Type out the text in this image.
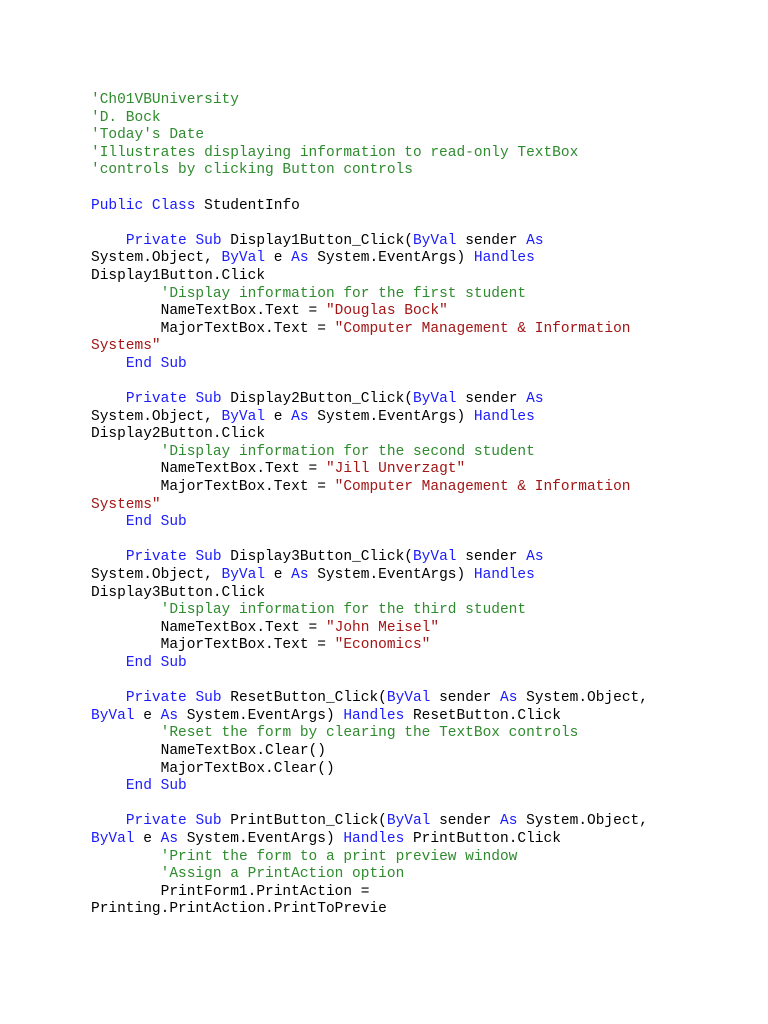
'Ch01VBUniversity
'D. Bock
'Today's Date
'Illustrates displaying information to read-only TextBox
'controls by clicking Button controls
Public Class StudentInfo
Private Sub Display1Button_Click(ByVal sender As
System.Object, ByVal e As System.EventArgs) Handles
Display1Button.Click
'Display information for the first student
NameTextBox.Text = "Douglas Bock"
MajorTextBox.Text = "Computer Management & Information
Systems"
End Sub
Private Sub Display2Button_Click(ByVal sender As
System.Object, ByVal e As System.EventArgs) Handles
Display2Button.Click
'Display information for the second student
NameTextBox.Text = "Jill Unverzagt"
MajorTextBox.Text = "Computer Management & Information
Systems"
End Sub
Private Sub Display3Button_Click(ByVal sender As
System.Object, ByVal e As System.EventArgs) Handles
Display3Button.Click
'Display information for the third student
NameTextBox.Text = "John Meisel"
MajorTextBox.Text = "Economics"
End Sub
Private Sub ResetButton_Click(ByVal sender As System.Object,
ByVal e As System.EventArgs) Handles ResetButton.Click
'Reset the form by clearing the TextBox controls
NameTextBox.Clear()
MajorTextBox.Clear()
End Sub
Private Sub PrintButton_Click(ByVal sender As System.Object,
ByVal e As System.EventArgs) Handles PrintButton.Click
'Print the form to a print preview window
'Assign a PrintAction option
PrintForm1.PrintAction =
Printing.PrintAction.PrintToPrevie
